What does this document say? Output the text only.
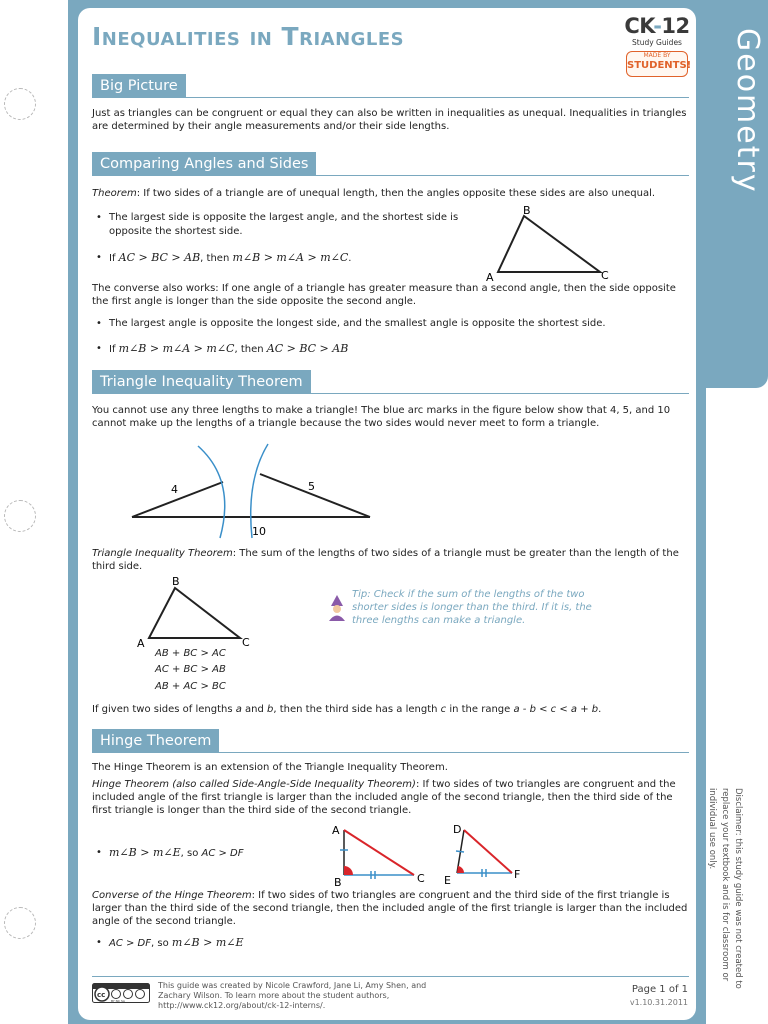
Geometry
Disclaimer: this study guide was not created to replace your textbook and is for classroom or individual use only.
Inequalities in Triangles	CK-12
Study Guides
MADE BY
STUDENTS!
Big Picture
Just as triangles can be congruent or equal they can also be written in inequalities as unequal. Inequalities in triangles are determined by their angle measurements and/or their side lengths.
Comparing Angles and Sides
Theorem: If two sides of a triangle are of unequal length, then the angles opposite these sides are also unequal.
• The largest side is opposite the largest angle, and the shortest side is opposite the shortest side.
• If AC > BC > AB, then m∠B > m∠A > m∠C.
A
B
C
The converse also works: If one angle of a triangle has greater measure than a second angle, then the side opposite the first angle is longer than the side opposite the second angle.
• The largest angle is opposite the longest side, and the smallest angle is opposite the shortest side.
• If m∠B > m∠A > m∠C, then AC > BC > AB
Triangle Inequality Theorem
You cannot use any three lengths to make a triangle! The blue arc marks in the figure below show that 4, 5, and 10 cannot make up the lengths of a triangle because the two sides would never meet to form a triangle.
4	5
10
Triangle Inequality Theorem: The sum of the lengths of two sides of a triangle must be greater than the length of the third side.
A
B
C
AB + BC > AC
AC + BC > AB
AB + AC > BC
Tip: Check if the sum of the lengths of the two shorter sides is longer than the third. If it is, the three lengths can make a triangle.
If given two sides of lengths a and b, then the third side has a length c in the range a - b < c < a + b.
Hinge Theorem
The Hinge Theorem is an extension of the Triangle Inequality Theorem.
Hinge Theorem (also called Side-Angle-Side Inequality Theorem): If two sides of two triangles are congruent and the included angle of the first triangle is larger than the included angle of the second triangle, then the third side of the first triangle is longer than the third side of the second triangle.
• m∠B > m∠E, so AC > DF
A
B	C
D
E	F
Converse of the Hinge Theorem: If two sides of two triangles are congruent and the third side of the first triangle is larger than the third side of the second triangle, then the included angle of the first triangle is larger than the included angle of the second triangle.
• AC > DF, so m∠B > m∠E
cc
BY NC SA
This guide was created by Nicole Crawford, Jane Li, Amy Shen, and Zachary Wilson. To learn more about the student authors, http://www.ck12.org/about/ck-12-interns/.
Page 1 of 1
v1.10.31.2011
